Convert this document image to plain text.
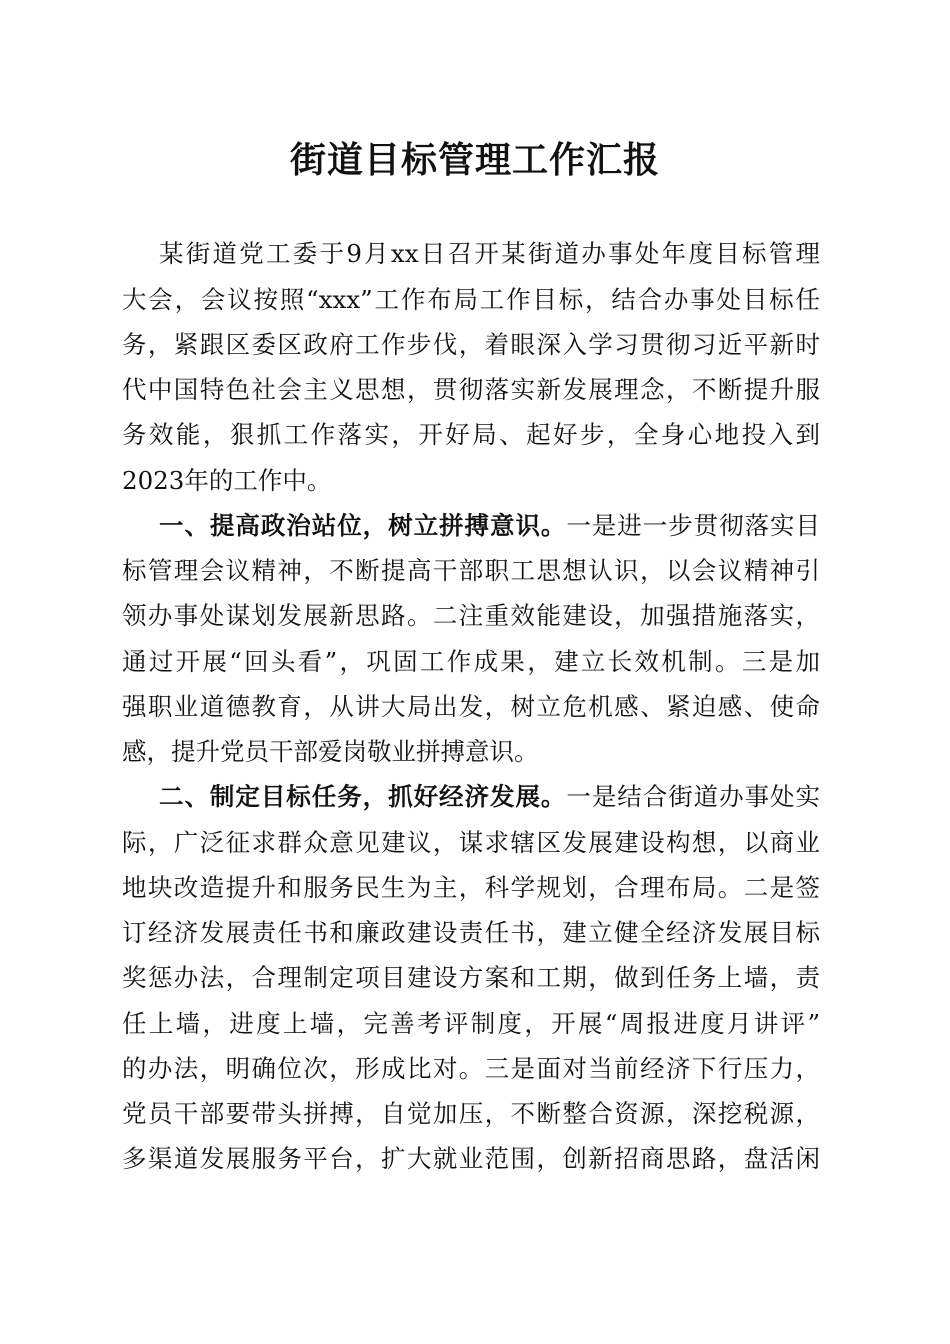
街道目标管理工作汇报
某街道党工委于9月xx日召开某街道办事处年度目标管理
大会，会议按照“xxx”工作布局工作目标，结合办事处目标任
务，紧跟区委区政府工作步伐，着眼深入学习贯彻习近平新时
代中国特色社会主义思想，贯彻落实新发展理念，不断提升服
务效能，狠抓工作落实，开好局、起好步，全身心地投入到
2023年的工作中。
一、提高政治站位，树立拼搏意识。一是进一步贯彻落实目
标管理会议精神，不断提高干部职工思想认识，以会议精神引
领办事处谋划发展新思路。二注重效能建设，加强措施落实，
通过开展“回头看”，巩固工作成果，建立长效机制。三是加
强职业道德教育，从讲大局出发，树立危机感、紧迫感、使命
感，提升党员干部爱岗敬业拼搏意识。
二、制定目标任务，抓好经济发展。一是结合街道办事处实
际，广泛征求群众意见建议，谋求辖区发展建设构想，以商业
地块改造提升和服务民生为主，科学规划，合理布局。二是签
订经济发展责任书和廉政建设责任书，建立健全经济发展目标
奖惩办法，合理制定项目建设方案和工期，做到任务上墙，责
任上墙，进度上墙，完善考评制度，开展“周报进度月讲评”
的办法，明确位次，形成比对。三是面对当前经济下行压力，
党员干部要带头拼搏，自觉加压，不断整合资源，深挖税源，
多渠道发展服务平台，扩大就业范围，创新招商思路，盘活闲
